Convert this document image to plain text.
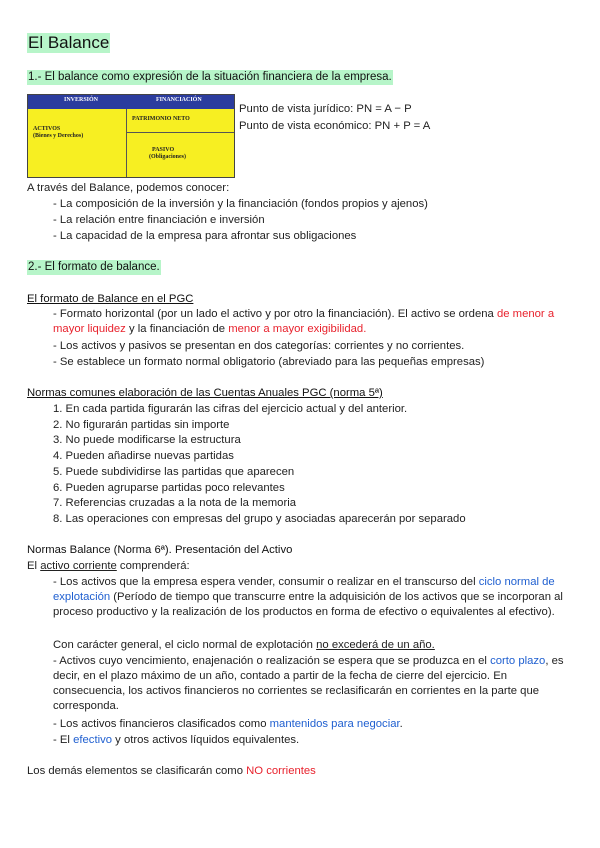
El Balance
1.- El balance como expresión de la situación financiera de la empresa.
INVERSIÓN	FINANCIACIÓN
ACTIVOS
(Bienes y Derechos)
PATRIMONIO NETO
PASIVO
(Obligaciones)
Punto de vista jurídico: PN = A − P
Punto de vista económico: PN + P = A
A través del Balance, podemos conocer:
- La composición de la inversión y la financiación (fondos propios y ajenos)
- La relación entre financiación e inversión
- La capacidad de la empresa para afrontar sus obligaciones
2.- El formato de balance.
El formato de Balance en el PGC
- Formato horizontal (por un lado el activo y por otro la financiación). El activo se ordena de menor a mayor liquidez y la financiación de menor a mayor exigibilidad.
- Los activos y pasivos se presentan en dos categorías: corrientes y no corrientes.
- Se establece un formato normal obligatorio (abreviado para las pequeñas empresas)
Normas comunes elaboración de las Cuentas Anuales PGC (norma 5ª)
1. En cada partida figurarán las cifras del ejercicio actual y del anterior.
2. No figurarán partidas sin importe
3. No puede modificarse la estructura
4. Pueden añadirse nuevas partidas
5. Puede subdividirse las partidas que aparecen
6. Pueden agruparse partidas poco relevantes
7. Referencias cruzadas a la nota de la memoria
8. Las operaciones con empresas del grupo y asociadas aparecerán por separado
Normas Balance (Norma 6ª). Presentación del Activo
El activo corriente comprenderá:
- Los activos que la empresa espera vender, consumir o realizar en el transcurso del ciclo normal de explotación (Período de tiempo que transcurre entre la adquisición de los activos que se incorporan al proceso productivo y la realización de los productos en forma de efectivo o equivalentes al efectivo).
Con carácter general, el ciclo normal de explotación no excederá de un año.
- Activos cuyo vencimiento, enajenación o realización se espera que se produzca en el corto plazo, es decir, en el plazo máximo de un año, contado a partir de la fecha de cierre del ejercicio. En consecuencia, los activos financieros no corrientes se reclasificarán en corrientes en la parte que corresponda.
- Los activos financieros clasificados como mantenidos para negociar.
- El efectivo y otros activos líquidos equivalentes.
Los demás elementos se clasificarán como NO corrientes
